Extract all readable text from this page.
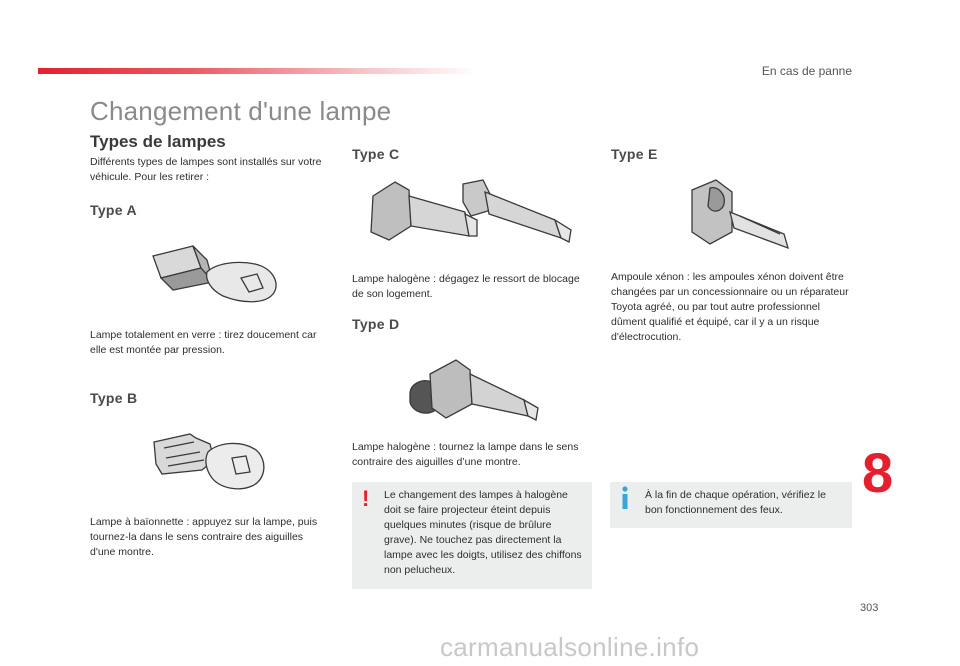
En cas de panne
Changement d'une lampe
Types de lampes
Différents types de lampes sont installés sur votre véhicule. Pour les retirer :
Type A
Lampe totalement en verre : tirez doucement car elle est montée par pression.
Type B
Lampe à baïonnette : appuyez sur la lampe, puis tournez-la dans le sens contraire des aiguilles d'une montre.
Type C
Lampe halogène : dégagez le ressort de blocage de son logement.
Type D
Lampe halogène : tournez la lampe dans le sens contraire des aiguilles d’une montre.
! Le changement des lampes à halogène doit se faire projecteur éteint depuis quelques minutes (risque de brûlure grave). Ne touchez pas directement la lampe avec les doigts, utilisez des chiffons non pelucheux.
Type E
Ampoule xénon : les ampoules xénon doivent être changées par un concessionnaire ou un réparateur Toyota agréé, ou par tout autre professionnel dûment qualifié et équipé, car il y a un risque d'électrocution.
À la fin de chaque opération, vérifiez le bon fonctionnement des feux.
8
303
carmanualsonline.info
